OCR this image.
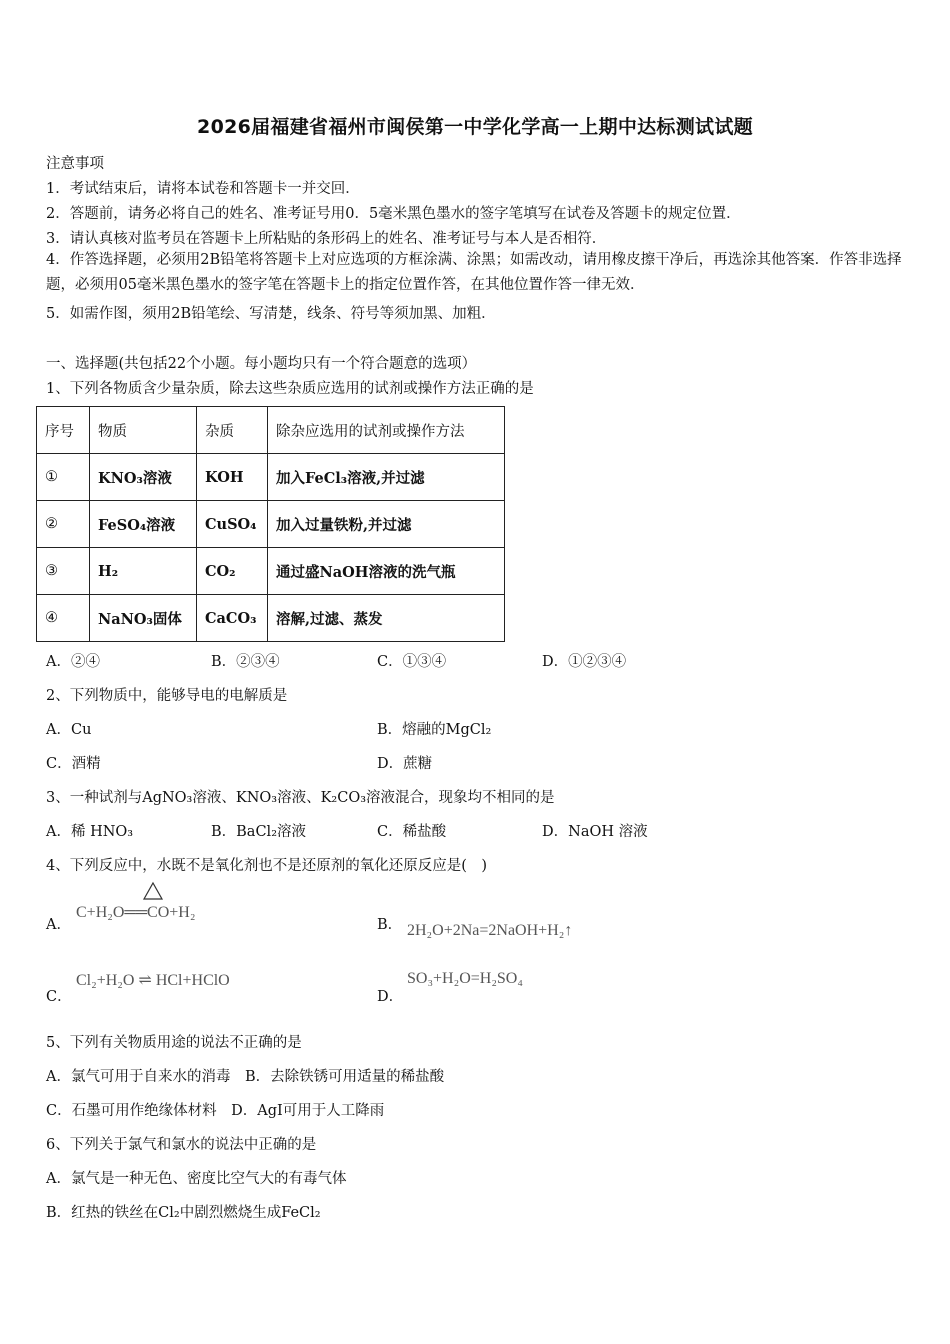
2026届福建省福州市闽侯第一中学化学高一上期中达标测试试题
注意事项
1．考试结束后，请将本试卷和答题卡一并交回．
2．答题前，请务必将自己的姓名、准考证号用0．5毫米黑色墨水的签字笔填写在试卷及答题卡的规定位置．
3．请认真核对监考员在答题卡上所粘贴的条形码上的姓名、准考证号与本人是否相符．
4．作答选择题，必须用2B铅笔将答题卡上对应选项的方框涂满、涂黑；如需改动，请用橡皮擦干净后，再选涂其他答案．作答非选择题，必须用05毫米黑色墨水的签字笔在答题卡上的指定位置作答，在其他位置作答一律无效．
5．如需作图，须用2B铅笔绘、写清楚，线条、符号等须加黑、加粗．
一、选择题(共包括22个小题。每小题均只有一个符合题意的选项）
1、下列各物质含少量杂质，除去这些杂质应选用的试剂或操作方法正确的是
序号	物质	杂质	除杂应选用的试剂或操作方法
①	KNO₃溶液	KOH	加入FeCl₃溶液,并过滤
②	FeSO₄溶液	CuSO₄	加入过量铁粉,并过滤
③	H₂	CO₂	通过盛NaOH溶液的洗气瓶
④	NaNO₃固体	CaCO₃	溶解,过滤、蒸发
A．②④	B．②③④	C．①③④	D．①②③④
2、下列物质中，能够导电的电解质是
A．Cu	B．熔融的MgCl₂
C．酒精	D．蔗糖
3、一种试剂与AgNO₃溶液、KNO₃溶液、K₂CO₃溶液混合，现象均不相同的是
A．稀 HNO₃	B．BaCl₂溶液	C．稀盐酸	D．NaOH 溶液
4、下列反应中，水既不是氧化剂也不是还原剂的氧化还原反应是(　)
A．
C+H₂O══CO+H₂
B． 2H₂O+2Na=2NaOH+H₂↑
C．
Cl₂+H₂O ⇌ HCl+HClO
D．
SO₃+H₂O=H₂SO₄
5、下列有关物质用途的说法不正确的是
A．氯气可用于自来水的消毒　B．去除铁锈可用适量的稀盐酸
C．石墨可用作绝缘体材料　D．AgI可用于人工降雨
6、下列关于氯气和氯水的说法中正确的是
A．氯气是一种无色、密度比空气大的有毒气体
B．红热的铁丝在Cl₂中剧烈燃烧生成FeCl₂
